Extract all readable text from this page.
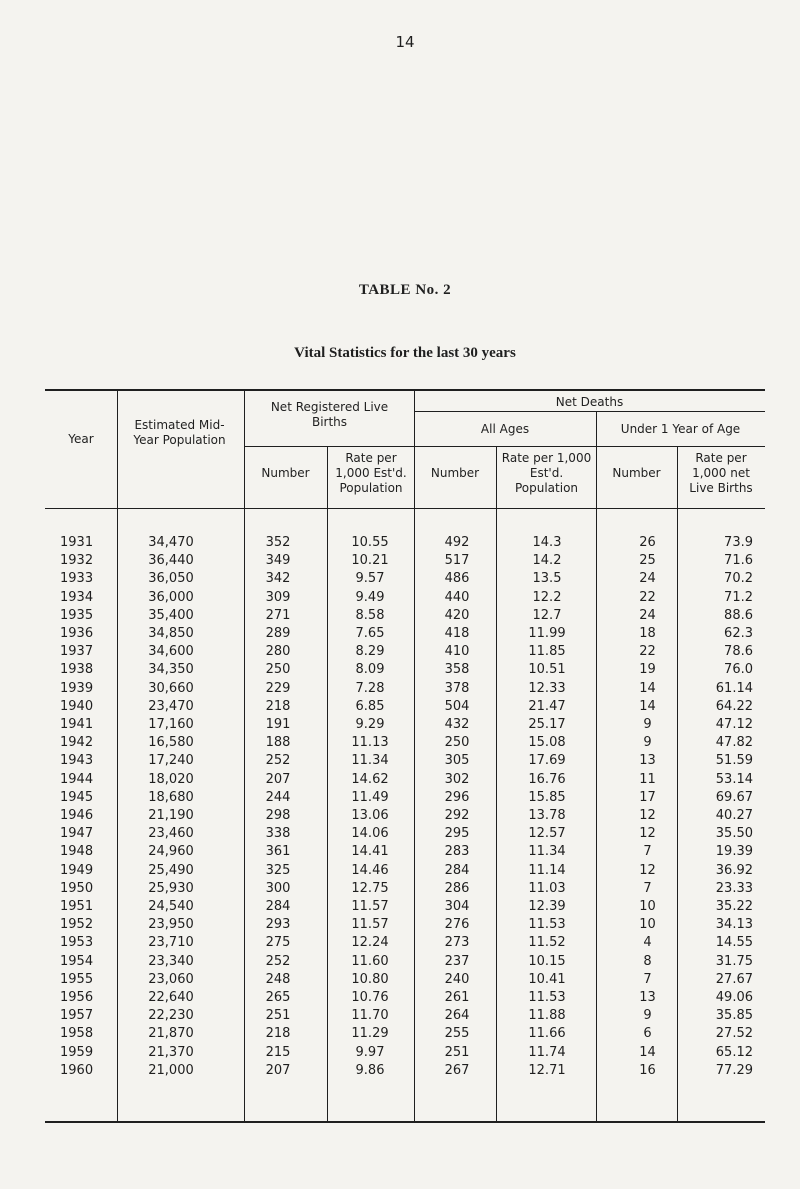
14
TABLE No. 2
Vital Statistics for the last 30 years
Year
Estimated Mid-Year Population
Net Registered Live Births
Net Deaths
All Ages	Under 1 Year of Age
Number
Rate per 1,000 Est'd. Population
Number
Rate per 1,000 Est'd. Population
Number
Rate per 1,000 net Live Births
1931	34,470	352	10.55	492	14.3	26	73.9
1932	36,440	349	10.21	517	14.2	25	71.6
1933	36,050	342	9.57	486	13.5	24	70.2
1934	36,000	309	9.49	440	12.2	22	71.2
1935	35,400	271	8.58	420	12.7	24	88.6
1936	34,850	289	7.65	418	11.99	18	62.3
1937	34,600	280	8.29	410	11.85	22	78.6
1938	34,350	250	8.09	358	10.51	19	76.0
1939	30,660	229	7.28	378	12.33	14	61.14
1940	23,470	218	6.85	504	21.47	14	64.22
1941	17,160	191	9.29	432	25.17	9	47.12
1942	16,580	188	11.13	250	15.08	9	47.82
1943	17,240	252	11.34	305	17.69	13	51.59
1944	18,020	207	14.62	302	16.76	11	53.14
1945	18,680	244	11.49	296	15.85	17	69.67
1946	21,190	298	13.06	292	13.78	12	40.27
1947	23,460	338	14.06	295	12.57	12	35.50
1948	24,960	361	14.41	283	11.34	7	19.39
1949	25,490	325	14.46	284	11.14	12	36.92
1950	25,930	300	12.75	286	11.03	7	23.33
1951	24,540	284	11.57	304	12.39	10	35.22
1952	23,950	293	11.57	276	11.53	10	34.13
1953	23,710	275	12.24	273	11.52	4	14.55
1954	23,340	252	11.60	237	10.15	8	31.75
1955	23,060	248	10.80	240	10.41	7	27.67
1956	22,640	265	10.76	261	11.53	13	49.06
1957	22,230	251	11.70	264	11.88	9	35.85
1958	21,870	218	11.29	255	11.66	6	27.52
1959	21,370	215	9.97	251	11.74	14	65.12
1960	21,000	207	9.86	267	12.71	16	77.29
